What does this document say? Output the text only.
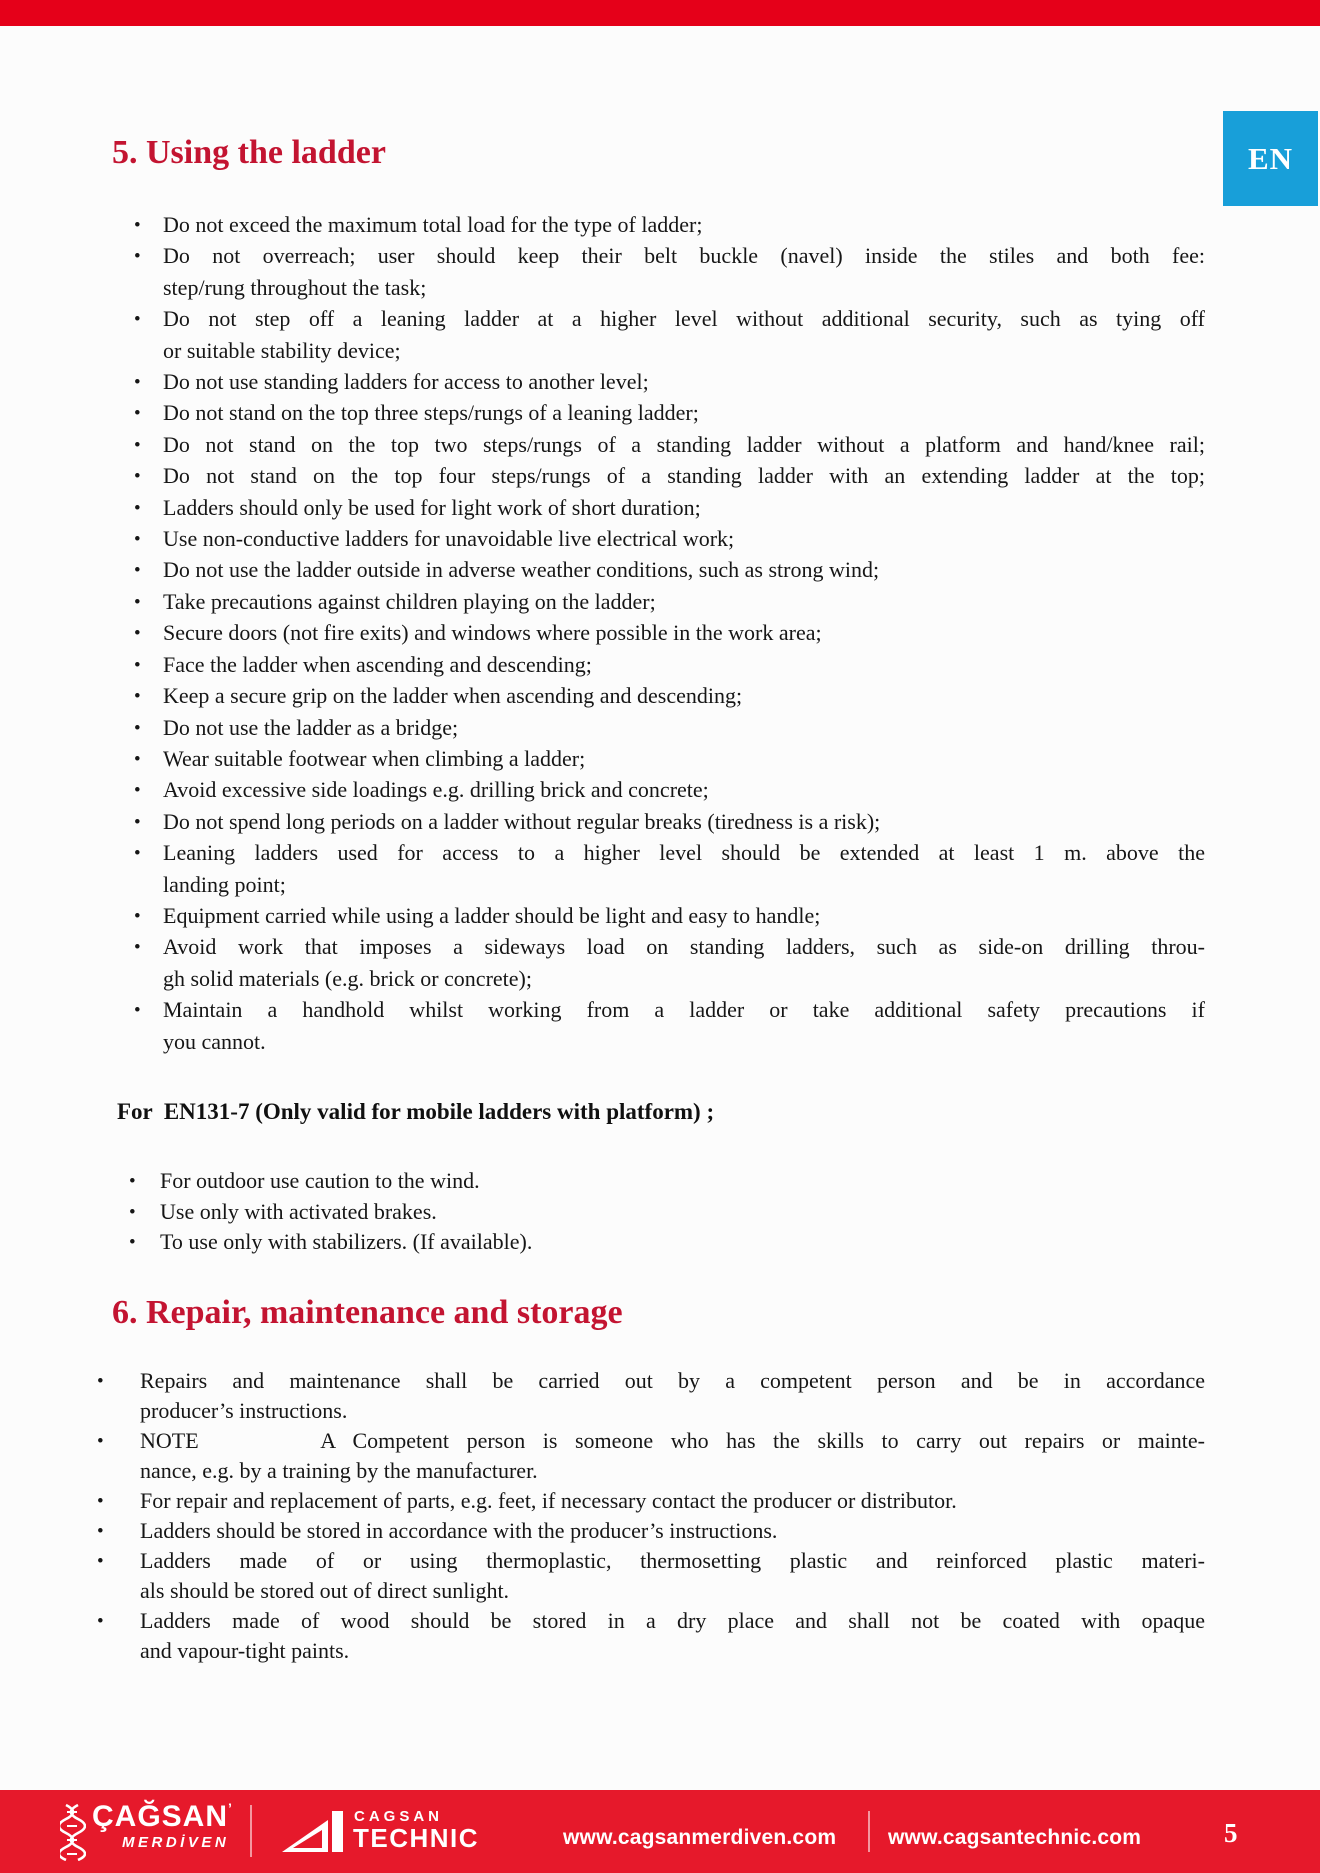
EN
5. Using the ladder
• Do not exceed the maximum total load for the type of ladder;
• Do not overreach; user should keep their belt buckle (navel) inside the stiles and both fee:
step/rung throughout the task;
• Do not step off a leaning ladder at a higher level without additional security, such as tying off
or suitable stability device;
• Do not use standing ladders for access to another level;
• Do not stand on the top three steps/rungs of a leaning ladder;
• Do not stand on the top two steps/rungs of a standing ladder without a platform and hand/knee rail;
• Do not stand on the top four steps/rungs of a standing ladder with an extending ladder at the top;
• Ladders should only be used for light work of short duration;
• Use non-conductive ladders for unavoidable live electrical work;
• Do not use the ladder outside in adverse weather conditions, such as strong wind;
• Take precautions against children playing on the ladder;
• Secure doors (not fire exits) and windows where possible in the work area;
• Face the ladder when ascending and descending;
• Keep a secure grip on the ladder when ascending and descending;
• Do not use the ladder as a bridge;
• Wear suitable footwear when climbing a ladder;
• Avoid excessive side loadings e.g. drilling brick and concrete;
• Do not spend long periods on a ladder without regular breaks (tiredness is a risk);
• Leaning ladders used for access to a higher level should be extended at least 1 m. above the
landing point;
• Equipment carried while using a ladder should be light and easy to handle;
• Avoid work that imposes a sideways load on standing ladders, such as side-on drilling throu-
gh solid materials (e.g. brick or concrete);
• Maintain a handhold whilst working from a ladder or take additional safety precautions if
you cannot.
For  EN131-7 (Only valid for mobile ladders with platform) ;
• For outdoor use caution to the wind.
• Use only with activated brakes.
• To use only with stabilizers. (If available).
6. Repair, maintenance and storage
• Repairs and maintenance shall be carried out by a competent person and be in accordance
producer’s instructions.
• NOTE       A Competent person is someone who has the skills to carry out repairs or mainte-
nance, e.g. by a training by the manufacturer.
• For repair and replacement of parts, e.g. feet, if necessary contact the producer or distributor.
• Ladders should be stored in accordance with the producer’s instructions.
• Ladders made of or using thermoplastic, thermosetting plastic and reinforced plastic materi-
als should be stored out of direct sunlight.
• Ladders made of wood should be stored in a dry place and shall not be coated with opaque
and vapour-tight paints.
ÇAĞSAN’
MERDİVEN
CAGSAN
TECHNIC	www.cagsanmerdiven.com www.cagsantechnic.com	5
